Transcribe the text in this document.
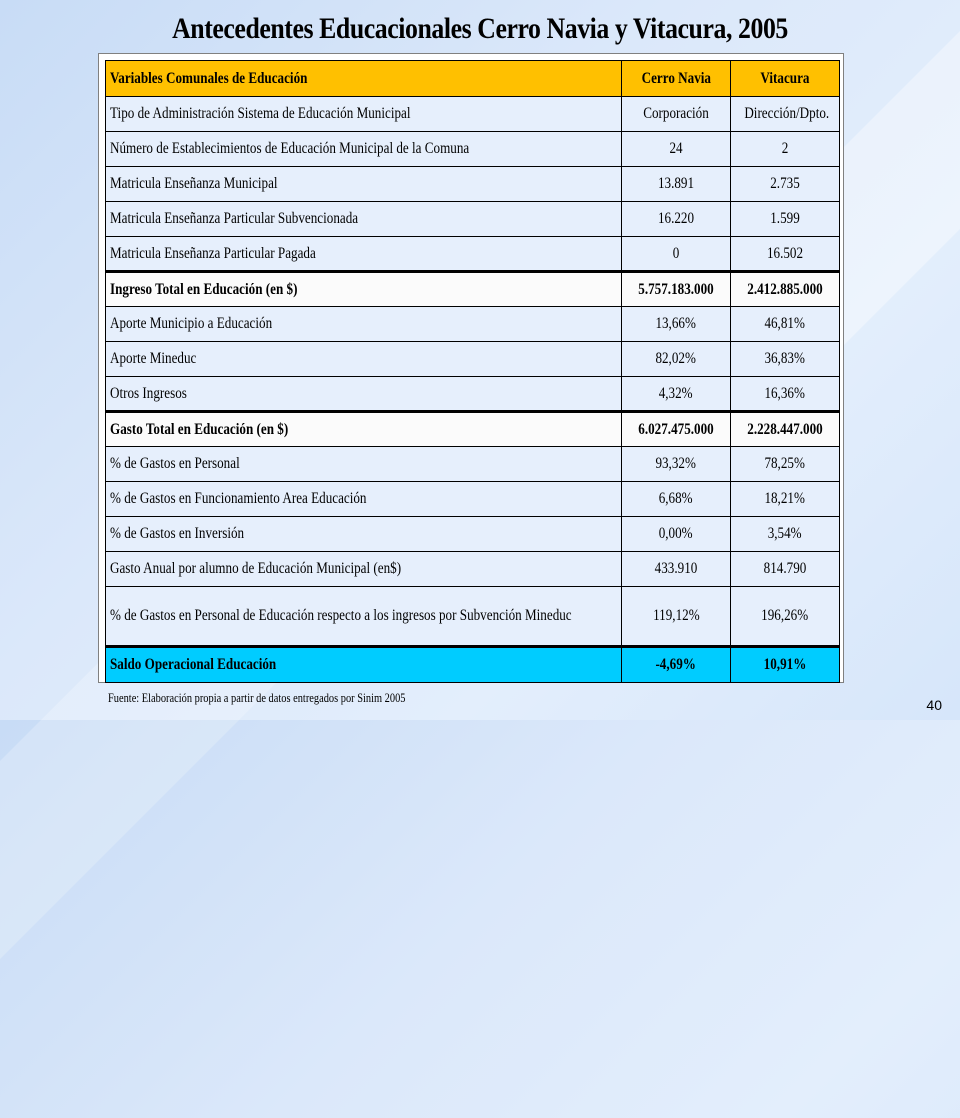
Antecedentes Educacionales Cerro Navia y Vitacura, 2005
Variables Comunales de Educación	Cerro Navia	Vitacura
Tipo de Administración Sistema de Educación Municipal	Corporación	Dirección/Dpto.
Número de Establecimientos de Educación Municipal de la Comuna	24	2
Matricula Enseñanza Municipal	13.891	2.735
Matricula Enseñanza Particular Subvencionada	16.220	1.599
Matricula Enseñanza Particular Pagada	0	16.502
Ingreso Total en Educación (en $)	5.757.183.000	2.412.885.000
Aporte Municipio a Educación	13,66%	46,81%
Aporte Mineduc	82,02%	36,83%
Otros Ingresos	4,32%	16,36%
Gasto Total en Educación (en $)	6.027.475.000	2.228.447.000
% de Gastos en Personal	93,32%	78,25%
% de Gastos en Funcionamiento Area Educación	6,68%	18,21%
% de Gastos en Inversión	0,00%	3,54%
Gasto Anual por alumno de Educación Municipal (en$)	433.910	814.790
% de Gastos en Personal de Educación respecto a los ingresos por Subvención Mineduc	119,12%	196,26%
Saldo Operacional Educación	-4,69%	10,91%
Fuente: Elaboración propia a partir de datos entregados por Sinim 2005	40
